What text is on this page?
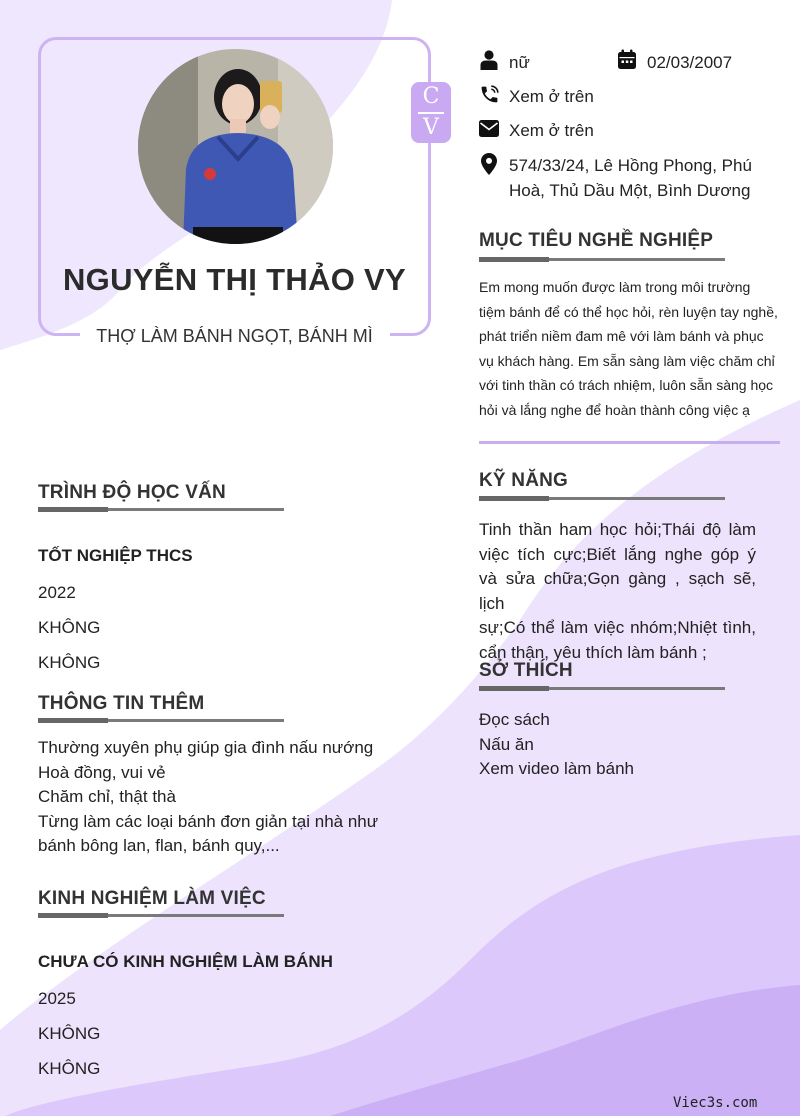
NGUYỄN THỊ THẢO VY
THỢ LÀM BÁNH NGỌT, BÁNH MÌ
C
V
nữ	02/03/2007
Xem ở trên
Xem ở trên
574/33/24, Lê Hồng Phong, Phú
Hoà, Thủ Dầu Một, Bình Dương
MỤC TIÊU NGHỀ NGHIỆP
Em mong muốn được làm trong môi trường
tiệm bánh để có thể học hỏi, rèn luyện tay nghề,
phát triển niềm đam mê với làm bánh và phục
vụ khách hàng. Em sẵn sàng làm việc chăm chỉ
với tinh thần có trách nhiệm, luôn sẵn sàng học
hỏi và lắng nghe để hoàn thành công việc ạ
KỸ NĂNG
Tinh thần ham học hỏi;Thái độ làm
việc tích cực;Biết lắng nghe góp ý
và sửa chữa;Gọn gàng , sạch sẽ, lịch
sự;Có thể làm việc nhóm;Nhiệt tình,
cẩn thận, yêu thích làm bánh ;
SỞ THÍCH
Đọc sách
Nấu ăn
Xem video làm bánh
TRÌNH ĐỘ HỌC VẤN
TỐT NGHIỆP THCS
2022
KHÔNG
KHÔNG
THÔNG TIN THÊM
Thường xuyên phụ giúp gia đình nấu nướng
Hoà đồng, vui vẻ
Chăm chỉ, thật thà
Từng làm các loại bánh đơn giản tại nhà như
bánh bông lan, flan, bánh quy,...
KINH NGHIỆM LÀM VIỆC
CHƯA CÓ KINH NGHIỆM LÀM BÁNH
2025
KHÔNG
KHÔNG
Viec3s.com
